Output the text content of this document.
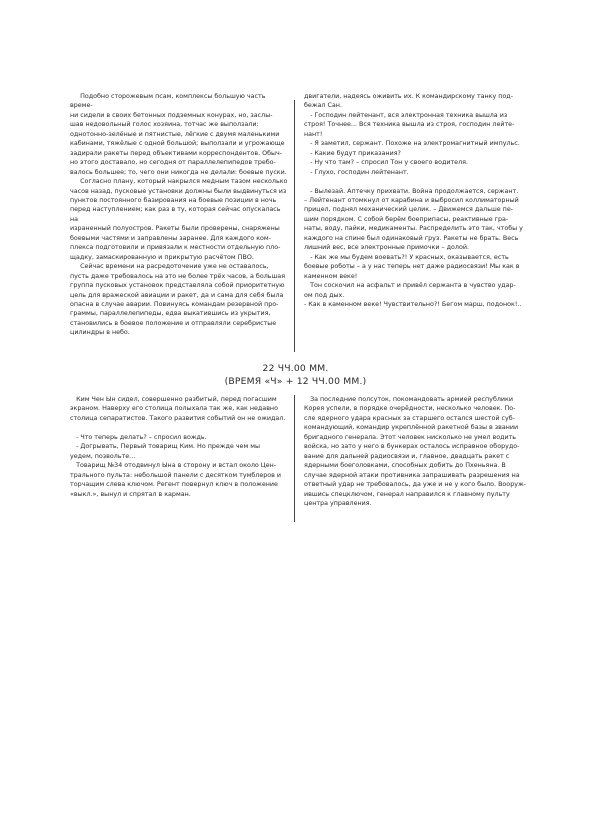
Подобно сторожевым псам, комплексы большую часть време-

ни сидели в своих бетонных подземных конурах, но, заслы-

шав недовольный голос хозяина, тотчас же выползали:

однотонно-зелёные и пятнистые, лёгкие с двумя маленькими

кабинами, тяжёлые с одной большой; выползали и угрожающе

задирали ракеты перед объективами корреспондентов. Обыч-

но этого доставало, но сегодня от параллелепипедов требо-

валось большее; то, чего они никогда не делали: боевые пуски.

Согласно плану, который накрылся медным тазом несколько

часов назад, пусковые установки должны были выдвинуться из

пунктов постоянного базирования на боевые позиции в ночь

перед наступлением; как раз в ту, которая сейчас опускалась на

израненный полуостров. Ракеты были проверены, снаряжены

боевыми частями и заправлены заранее. Для каждого ком-

плекса подготовили и привязали к местности отдельную пло-

щадку, замаскированную и прикрытую расчётом ПВО.

Сейчас времени на расредоточение уже не оставалось,

пусть даже требовалось на это не более трёх часов, а большая

группа пусковых установок представляла собой приоритетную

цель для вражеской авиации и ракет, да и сама для себя была

опасна в случае аварии. Повинуясь командам резервной про-

граммы, параллелепипеды, едва выкатившись из укрытия,

становились в боевое положение и отправляли серебристые

цилиндры в небо.

двигатели, надеясь оживить их. К командирскому танку под-

бежал Сан.

- Господин лейтенант, вся электронная техника вышла из

строя! Точнее... Вся техника вышла из строя, господин лейте-

нант!

- Я заметил, сержант. Похоже на электромагнитный импульс.

- Какие будут приказания?

- Ну что там? – спросил Тон у своего водителя.

- Глухо, господин лейтенант.

- Вылезай. Аптечку прихвати. Война продолжается, сержант.

– Лейтенант отомкнул от карабина и выбросил коллиматорный

прицел, поднял механический целик. – Движемся дальше пе-

шим порядком. С собой берём боеприпасы, реактивные гра-

наты, воду, пайки, медикаменты. Распределить это так, чтобы у

каждого на спине был одинаковый груз. Ракеты не брать. Весь

лишний вес, все электронные примочки – долой.

- Как же мы будем воевать?! У красных, оказывается, есть

боевые роботы – а у нас теперь нет даже радиосвязи! Мы как в

каменном веке!

Тон соскочил на асфальт и привёл сержанта в чувство удар-

ом под дых.

- Как в каменном веке! Чувствительно?! Бегом марш, подонок!..

22 ЧЧ.00 ММ.
(ВРЕМЯ «Ч» + 12 ЧЧ.00 ММ.)

Ким Чен Ын сидел, совершенно разбитый, перед погасшим

экраном. Наверху его столица полыхала так же, как недавно

столица сепаратистов. Такого развития событий он не ожидал.

- Что теперь делать? – спросил вождь.

- Догрывать, Первый товарищ Ким. Но прежде чем мы

уедем, позвольте...

Товарищ №34 отодвинул Ына в сторону и встал около Цен-

трального пульта: небольшой панели с десятком тумблеров и

торчащим слева ключом. Регент повернул ключ в положение

«выкл.», вынул и спрятал в карман.

За последние полсуток, покомандовать армией республики

Корея успели, в порядке очерёдности, несколько человек. По-

сле ядерного удара красных за старшего остался шестой суб-

командующий, командир укреплённой ракетной базы в звании

бригадного генерала. Этот человек нисколько не умел водить

войска, но зато у него в бункерах осталось исправное оборудо-

вание для дальней радиосвязи и, главное, двадцать ракет с

ядерными боеголовками, способных добить до Пхеньяна. В

случае ядерной атаки противника запрашивать разрешения на

ответный удар не требовалось, да уже и не у кого было. Вооруж-

ившись спецключом, генерал направился к главному пульту

центра управления.
